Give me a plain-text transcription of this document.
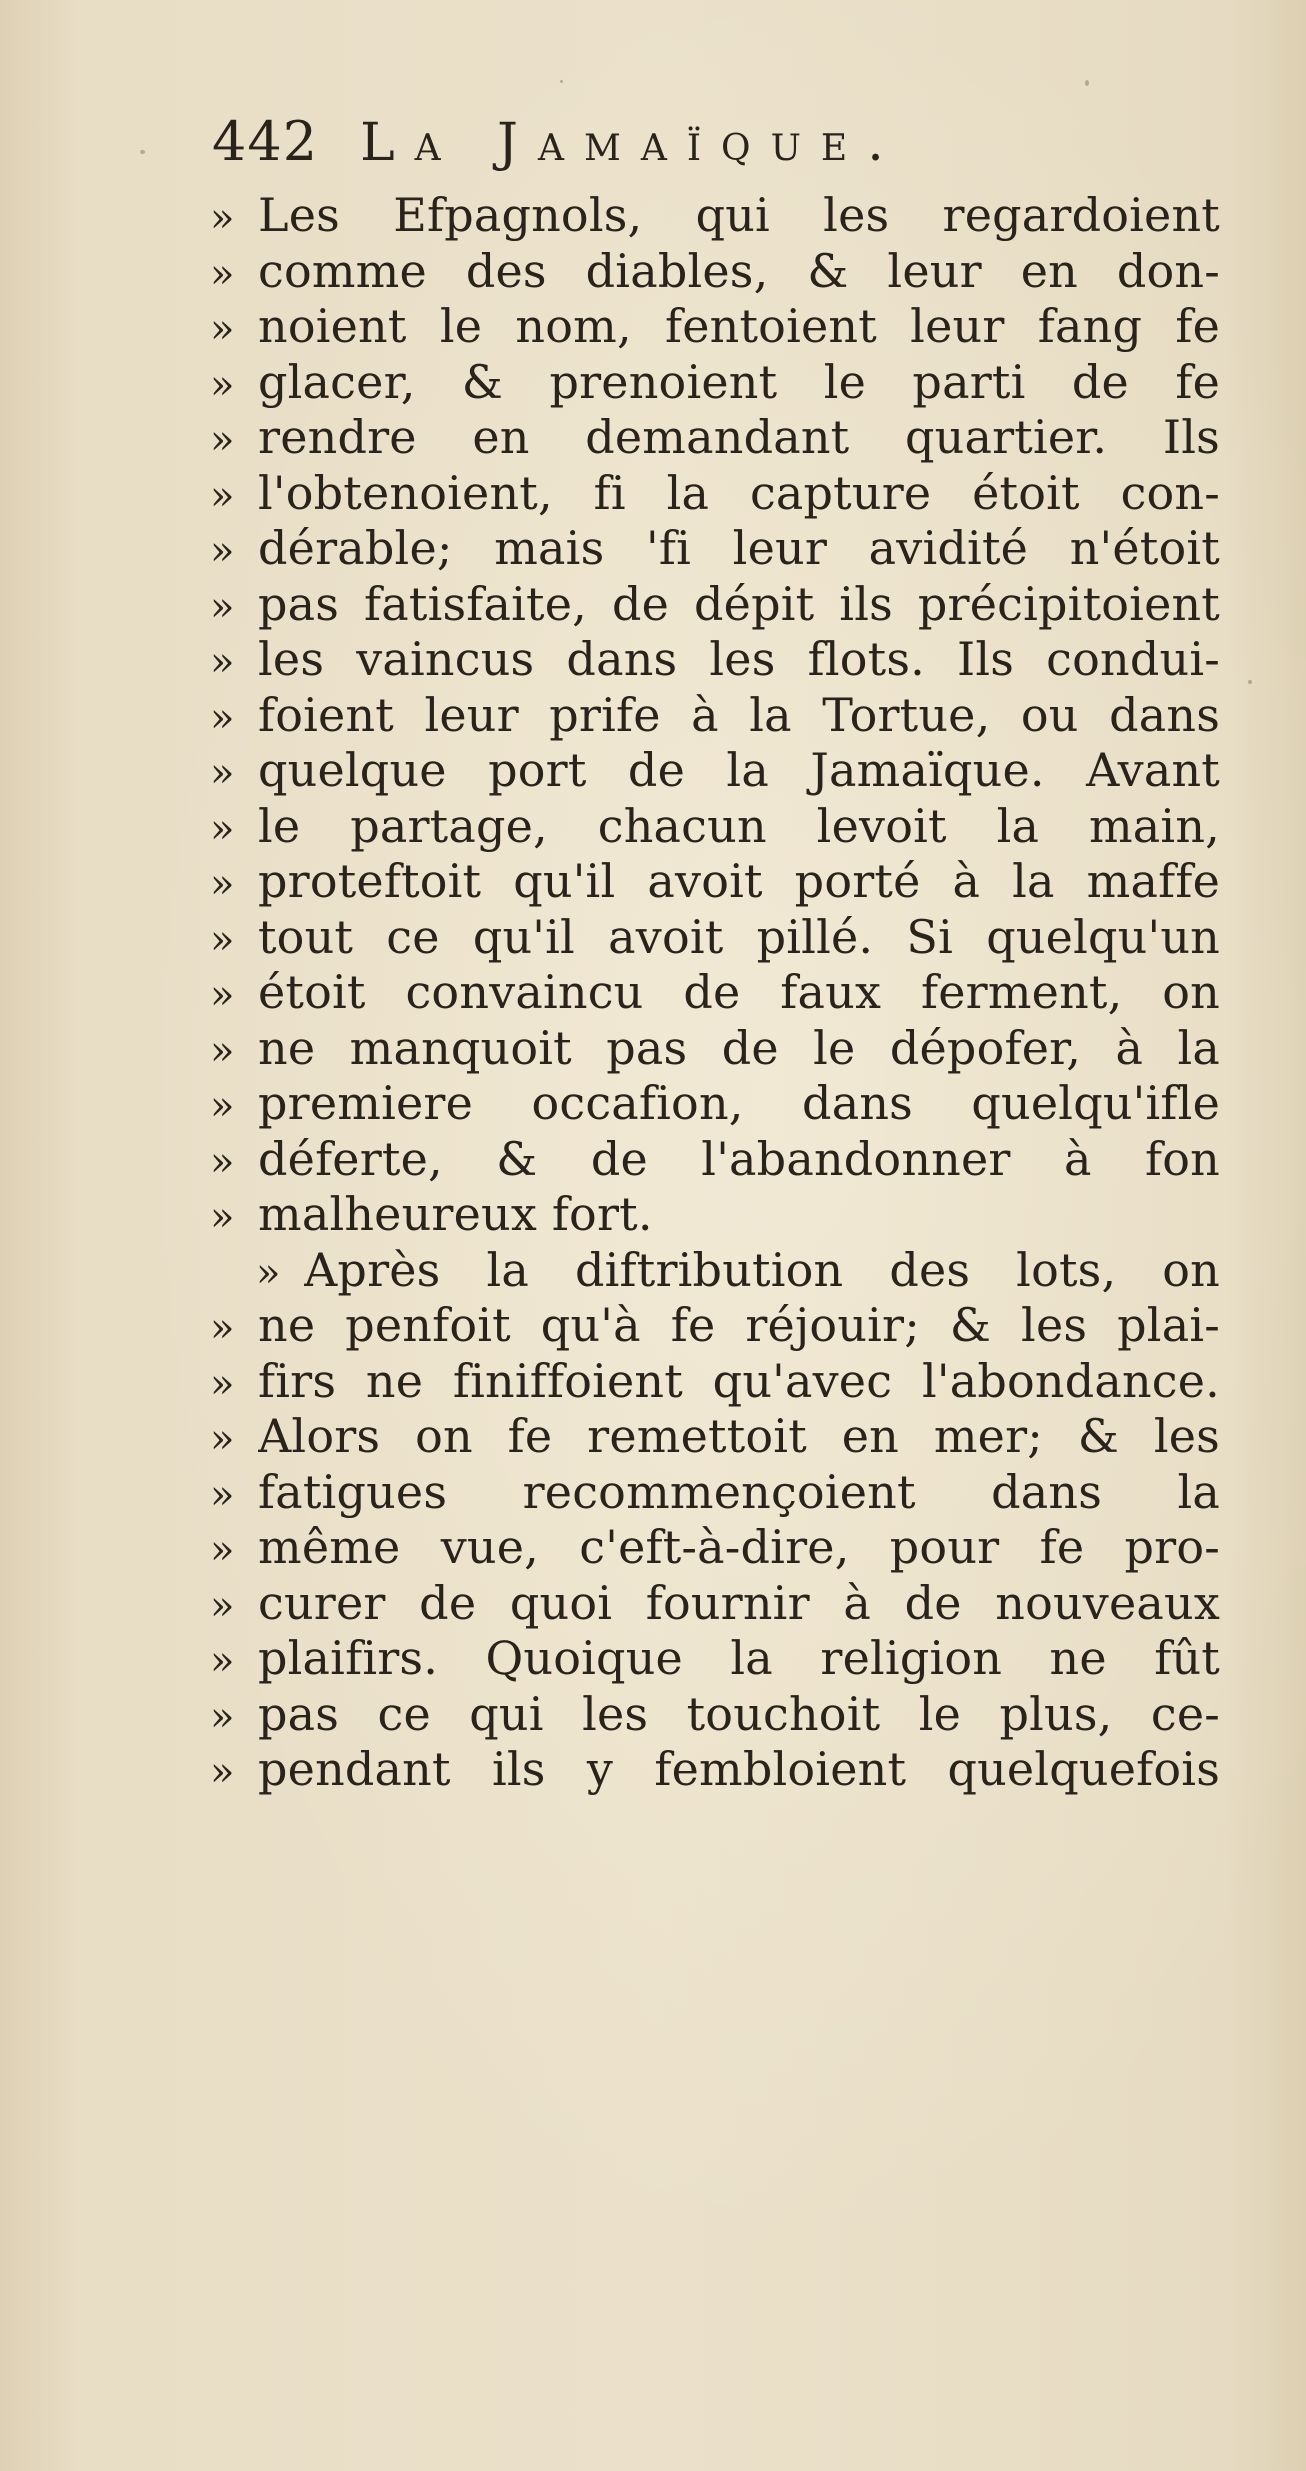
442 La Jamaïque.
» Les Efpagnols, qui les regardoient
» comme des diables, & leur en don-
» noient le nom, fentoient leur fang fe
» glacer, & prenoient le parti de fe
» rendre en demandant quartier. Ils
» l'obtenoient, fi la capture étoit con-
» dérable; mais 'fi leur avidité n'étoit
» pas fatisfaite, de dépit ils précipitoient
» les vaincus dans les flots. Ils condui-
» foient leur prife à la Tortue, ou dans
» quelque port de la Jamaïque. Avant
» le partage, chacun levoit la main,
» proteftoit qu'il avoit porté à la maffe
» tout ce qu'il avoit pillé. Si quelqu'un
» étoit convaincu de faux ferment, on
» ne manquoit pas de le dépofer, à la
» premiere occafion, dans quelqu'ifle
» déferte, & de l'abandonner à fon
» malheureux fort.
» Après la diftribution des lots, on
» ne penfoit qu'à fe réjouir; & les plai-
» firs ne finiffoient qu'avec l'abondance.
» Alors on fe remettoit en mer; & les
» fatigues recommençoient dans la
» même vue, c'eft-à-dire, pour fe pro-
» curer de quoi fournir à de nouveaux
» plaifirs. Quoique la religion ne fût
» pas ce qui les touchoit le plus, ce-
» pendant ils y fembloient quelquefois
